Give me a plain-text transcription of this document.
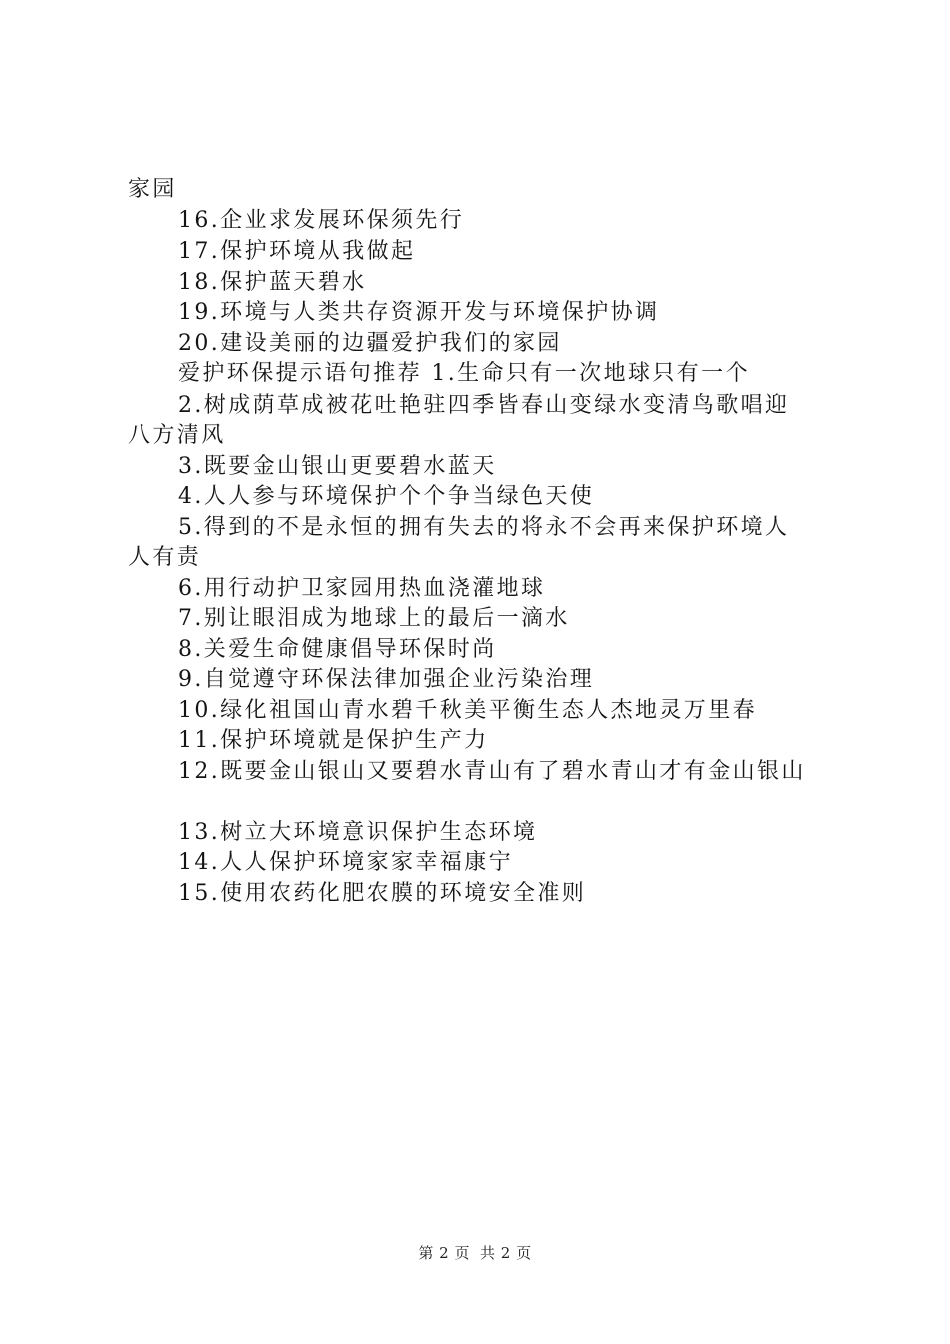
家园
16.企业求发展环保须先行
17.保护环境从我做起
18.保护蓝天碧水
19.环境与人类共存资源开发与环境保护协调
20.建设美丽的边疆爱护我们的家园
爱护环保提示语句推荐 1.生命只有一次地球只有一个
2.树成荫草成被花吐艳驻四季皆春山变绿水变清鸟歌唱迎
八方清风
3.既要金山银山更要碧水蓝天
4.人人参与环境保护个个争当绿色天使
5.得到的不是永恒的拥有失去的将永不会再来保护环境人
人有责
6.用行动护卫家园用热血浇灌地球
7.别让眼泪成为地球上的最后一滴水
8.关爱生命健康倡导环保时尚
9.自觉遵守环保法律加强企业污染治理
10.绿化祖国山青水碧千秋美平衡生态人杰地灵万里春
11.保护环境就是保护生产力
12.既要金山银山又要碧水青山有了碧水青山才有金山银山
13.树立大环境意识保护生态环境
14.人人保护环境家家幸福康宁
15.使用农药化肥农膜的环境安全准则
第 2 页 共 2 页
